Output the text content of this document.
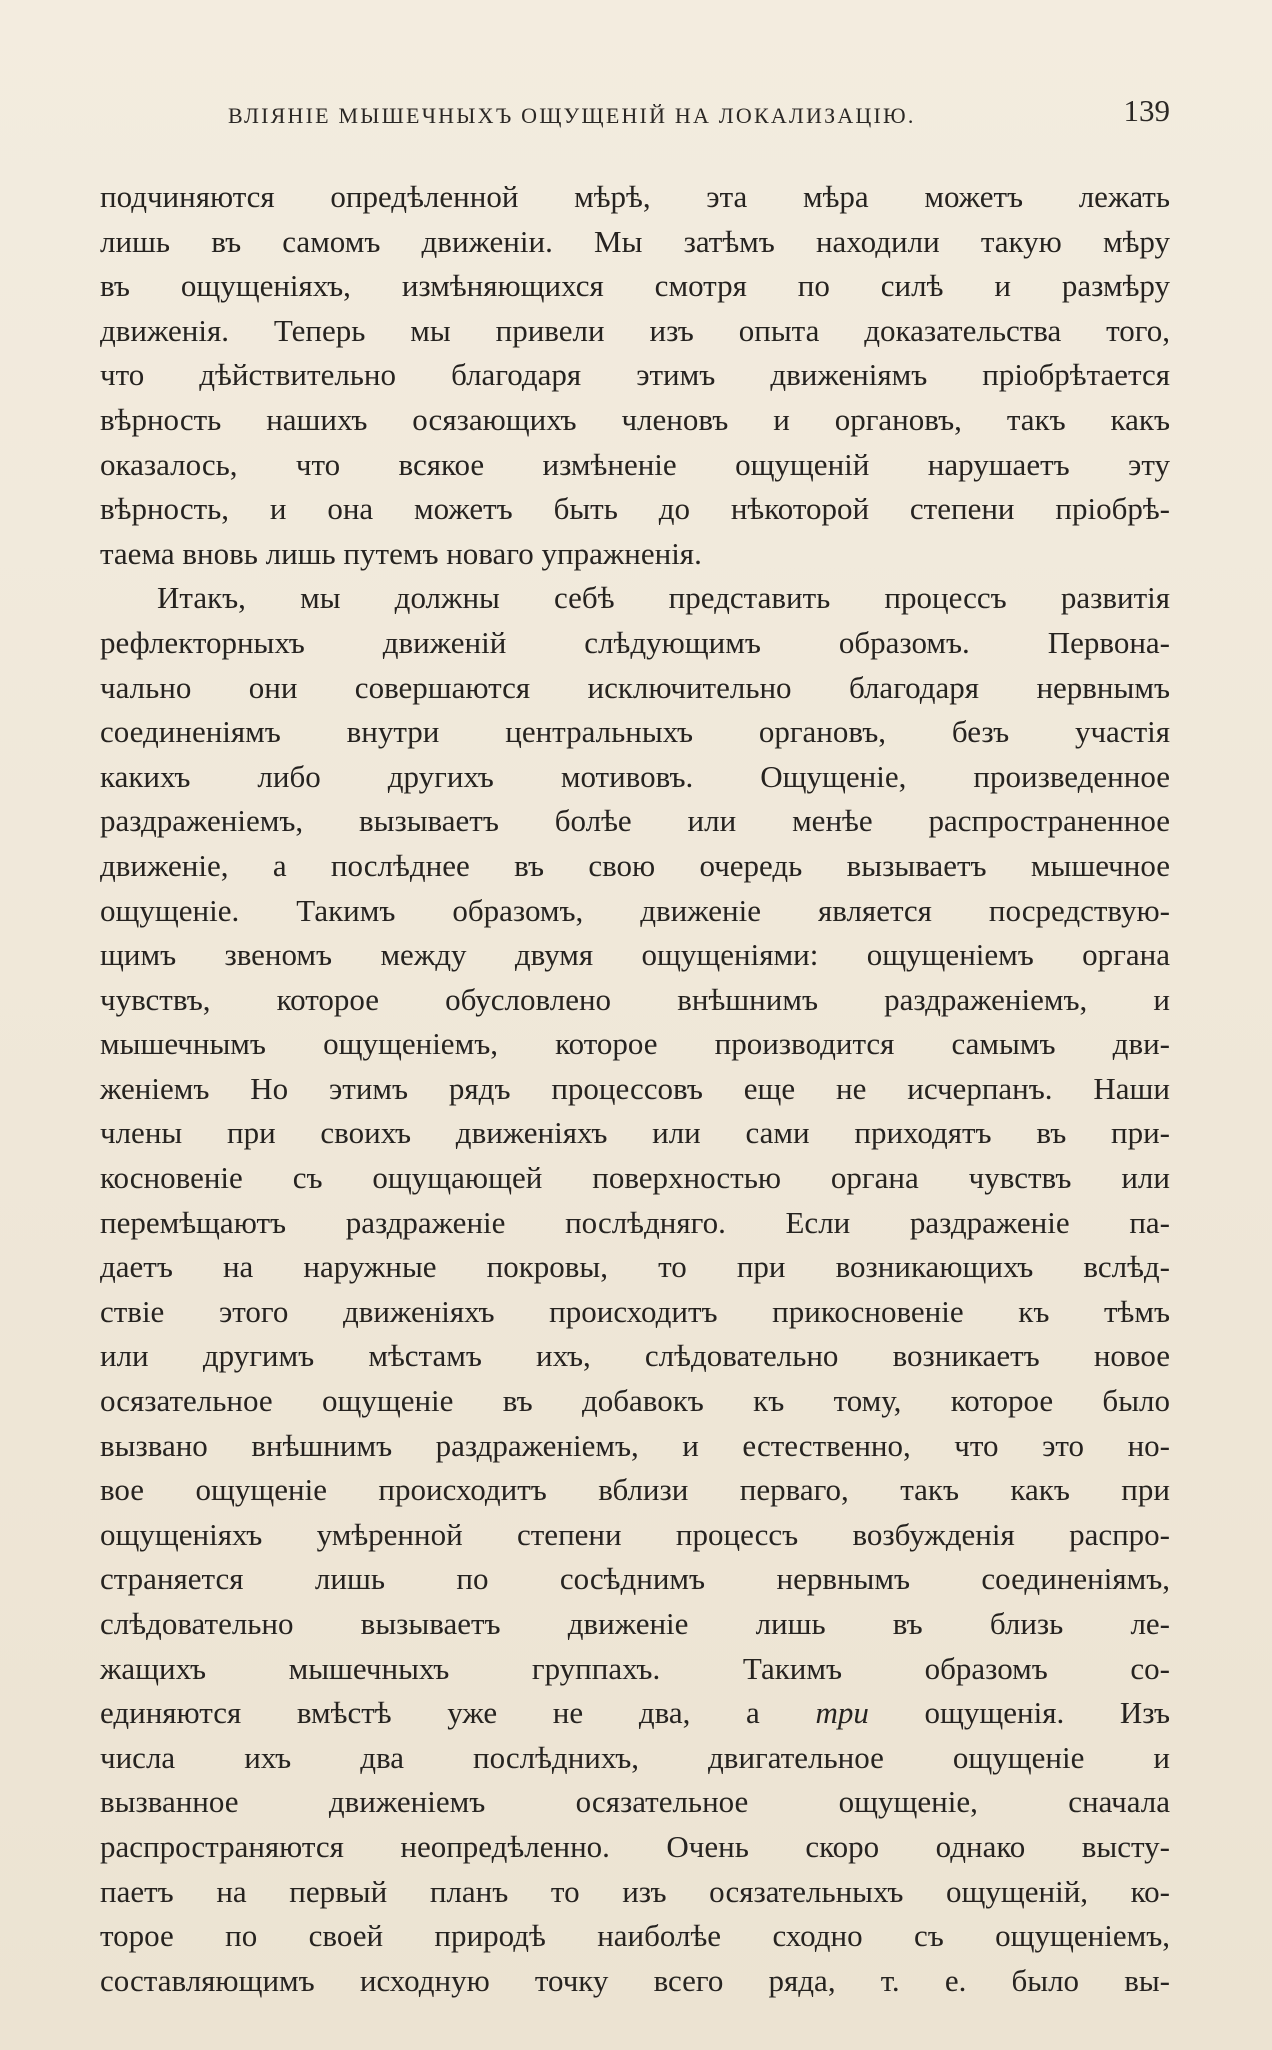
ВЛІЯНІЕ МЫШЕЧНЫХЪ ОЩУЩЕНІЙ НА ЛОКАЛИЗАЦІЮ.	139
подчиняются опредѣленной мѣрѣ, эта мѣра можетъ лежать
лишь въ самомъ движеніи. Мы затѣмъ находили такую мѣру
въ ощущеніяхъ, измѣняющихся смотря по силѣ и размѣру
движенія. Теперь мы привели изъ опыта доказательства того,
что дѣйствительно благодаря этимъ движеніямъ пріобрѣтается
вѣрность нашихъ осязающихъ членовъ и органовъ, такъ какъ
оказалось, что всякое измѣненіе ощущеній нарушаетъ эту
вѣрность, и она можетъ быть до нѣкоторой степени пріобрѣ-
таема вновь лишь путемъ новаго упражненія.
Итакъ, мы должны себѣ представить процессъ развитія
рефлекторныхъ движеній слѣдующимъ образомъ. Первона-
чально они совершаются исключительно благодаря нервнымъ
соединеніямъ внутри центральныхъ органовъ, безъ участія
какихъ либо другихъ мотивовъ. Ощущеніе, произведенное
раздраженіемъ, вызываетъ болѣе или менѣе распространенное
движеніе, а послѣднее въ свою очередь вызываетъ мышечное
ощущеніе. Такимъ образомъ, движеніе является посредствую-
щимъ звеномъ между двумя ощущеніями: ощущеніемъ органа
чувствъ, которое обусловлено внѣшнимъ раздраженіемъ, и
мышечнымъ ощущеніемъ, которое производится самымъ дви-
женіемъ Но этимъ рядъ процессовъ еще не исчерпанъ. Наши
члены при своихъ движеніяхъ или сами приходятъ въ при-
косновеніе съ ощущающей поверхностью органа чувствъ или
перемѣщаютъ раздраженіе послѣдняго. Если раздраженіе па-
даетъ на наружные покровы, то при возникающихъ вслѣд-
ствіе этого движеніяхъ происходитъ прикосновеніе къ тѣмъ
или другимъ мѣстамъ ихъ, слѣдовательно возникаетъ новое
осязательное ощущеніе въ добавокъ къ тому, которое было
вызвано внѣшнимъ раздраженіемъ, и естественно, что это но-
вое ощущеніе происходитъ вблизи перваго, такъ какъ при
ощущеніяхъ умѣренной степени процессъ возбужденія распро-
страняется лишь по сосѣднимъ нервнымъ соединеніямъ,
слѣдовательно вызываетъ движеніе лишь въ близь ле-
жащихъ мышечныхъ группахъ. Такимъ образомъ со-
единяются вмѣстѣ уже не два, а три ощущенія. Изъ
числа ихъ два послѣднихъ, двигательное ощущеніе и
вызванное движеніемъ осязательное ощущеніе, сначала
распространяются неопредѣленно. Очень скоро однако высту-
паетъ на первый планъ то изъ осязательныхъ ощущеній, ко-
торое по своей природѣ наиболѣе сходно съ ощущеніемъ,
составляющимъ исходную точку всего ряда, т. е. было вы-
